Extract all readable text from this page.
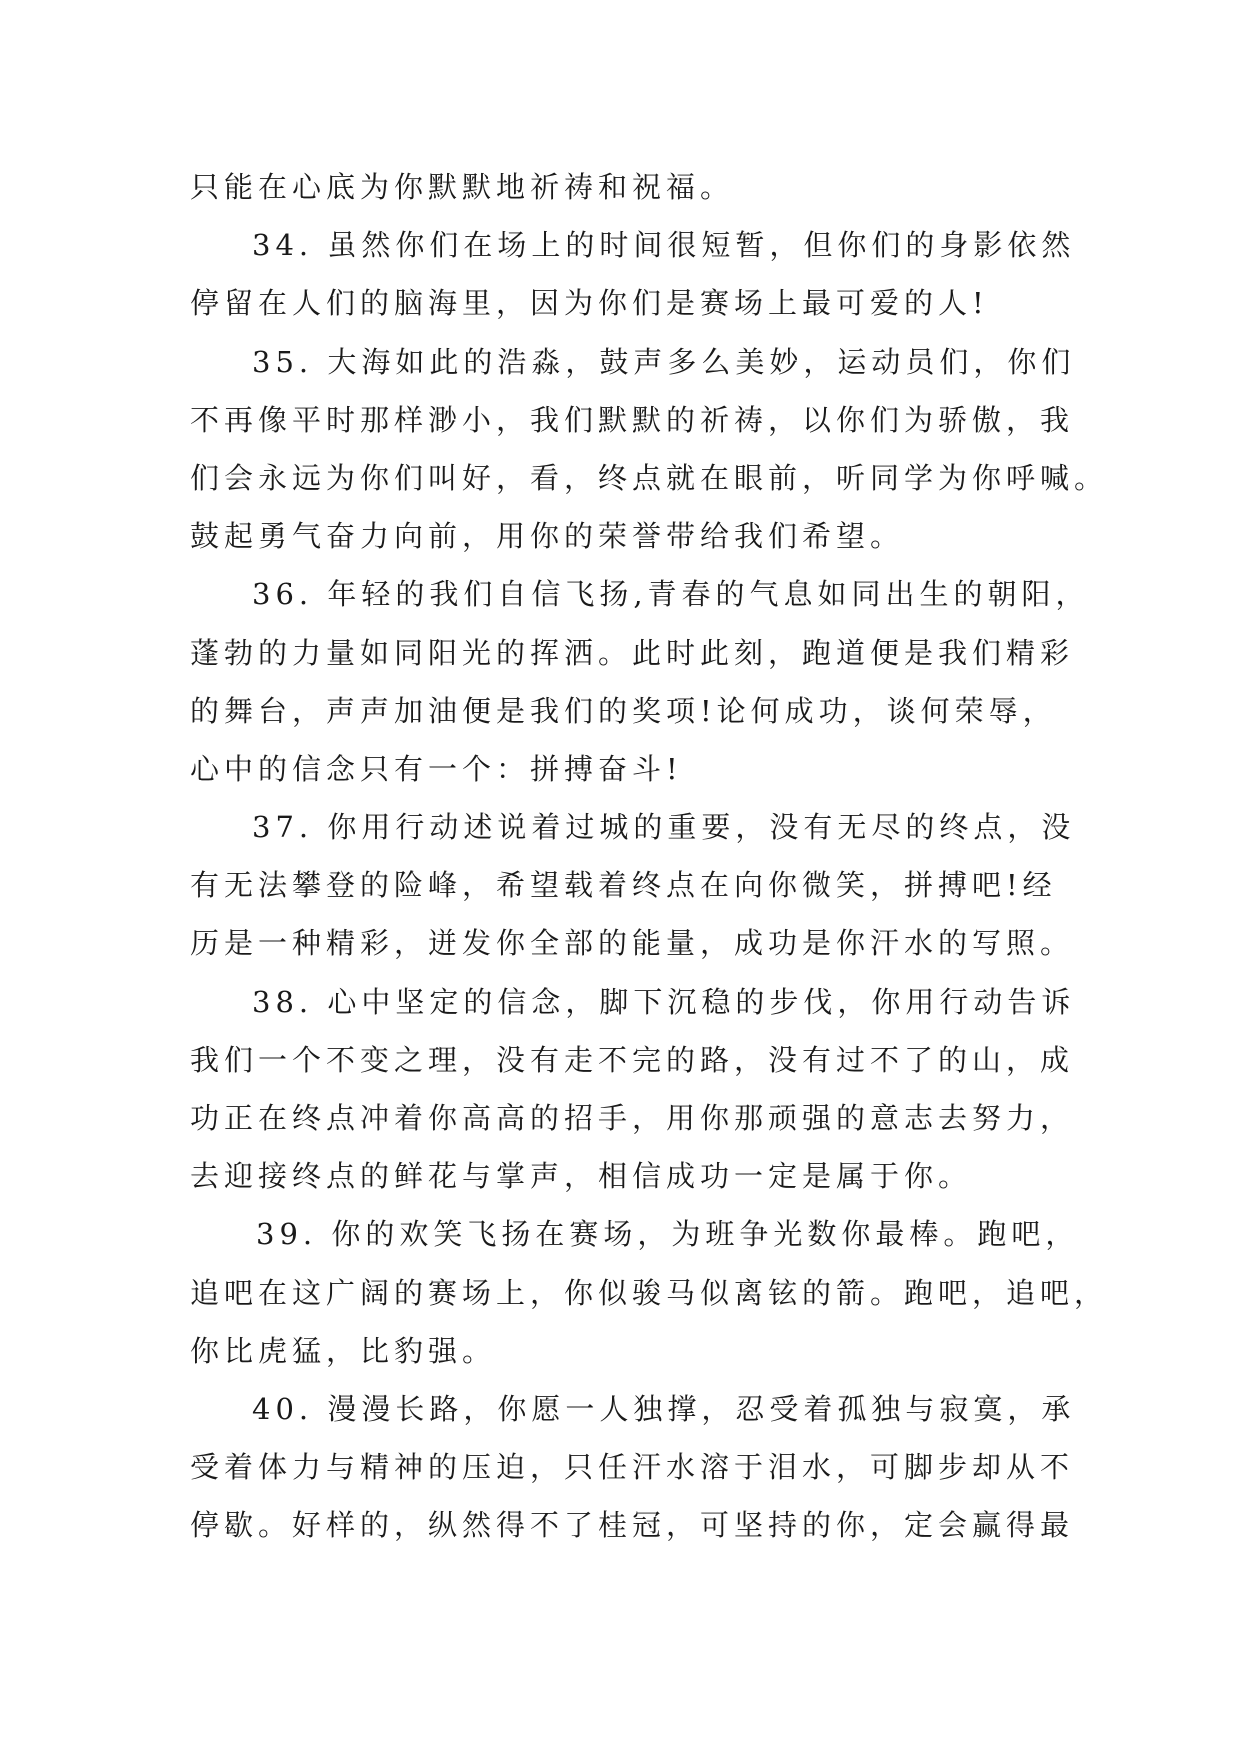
只能在心底为你默默地祈祷和祝福。
34. 虽然你们在场上的时间很短暂，但你们的身影依然
停留在人们的脑海里，因为你们是赛场上最可爱的人!
35. 大海如此的浩淼，鼓声多么美妙，运动员们，你们
不再像平时那样渺小，我们默默的祈祷，以你们为骄傲，我
们会永远为你们叫好，看，终点就在眼前，听同学为你呼喊。
鼓起勇气奋力向前，用你的荣誉带给我们希望。
36. 年轻的我们自信飞扬,青春的气息如同出生的朝阳，
蓬勃的力量如同阳光的挥洒。此时此刻，跑道便是我们精彩
的舞台，声声加油便是我们的奖项!论何成功，谈何荣辱，
心中的信念只有一个：拼搏奋斗!
37. 你用行动述说着过城的重要，没有无尽的终点，没
有无法攀登的险峰，希望载着终点在向你微笑，拼搏吧!经
历是一种精彩，迸发你全部的能量，成功是你汗水的写照。
38. 心中坚定的信念，脚下沉稳的步伐，你用行动告诉
我们一个不变之理，没有走不完的路，没有过不了的山，成
功正在终点冲着你高高的招手，用你那顽强的意志去努力，
去迎接终点的鲜花与掌声，相信成功一定是属于你。
39. 你的欢笑飞扬在赛场，为班争光数你最棒。跑吧，
追吧在这广阔的赛场上，你似骏马似离铉的箭。跑吧，追吧，
你比虎猛，比豹强。
40. 漫漫长路，你愿一人独撑，忍受着孤独与寂寞，承
受着体力与精神的压迫，只任汗水溶于泪水，可脚步却从不
停歇。好样的，纵然得不了桂冠，可坚持的你，定会赢得最
